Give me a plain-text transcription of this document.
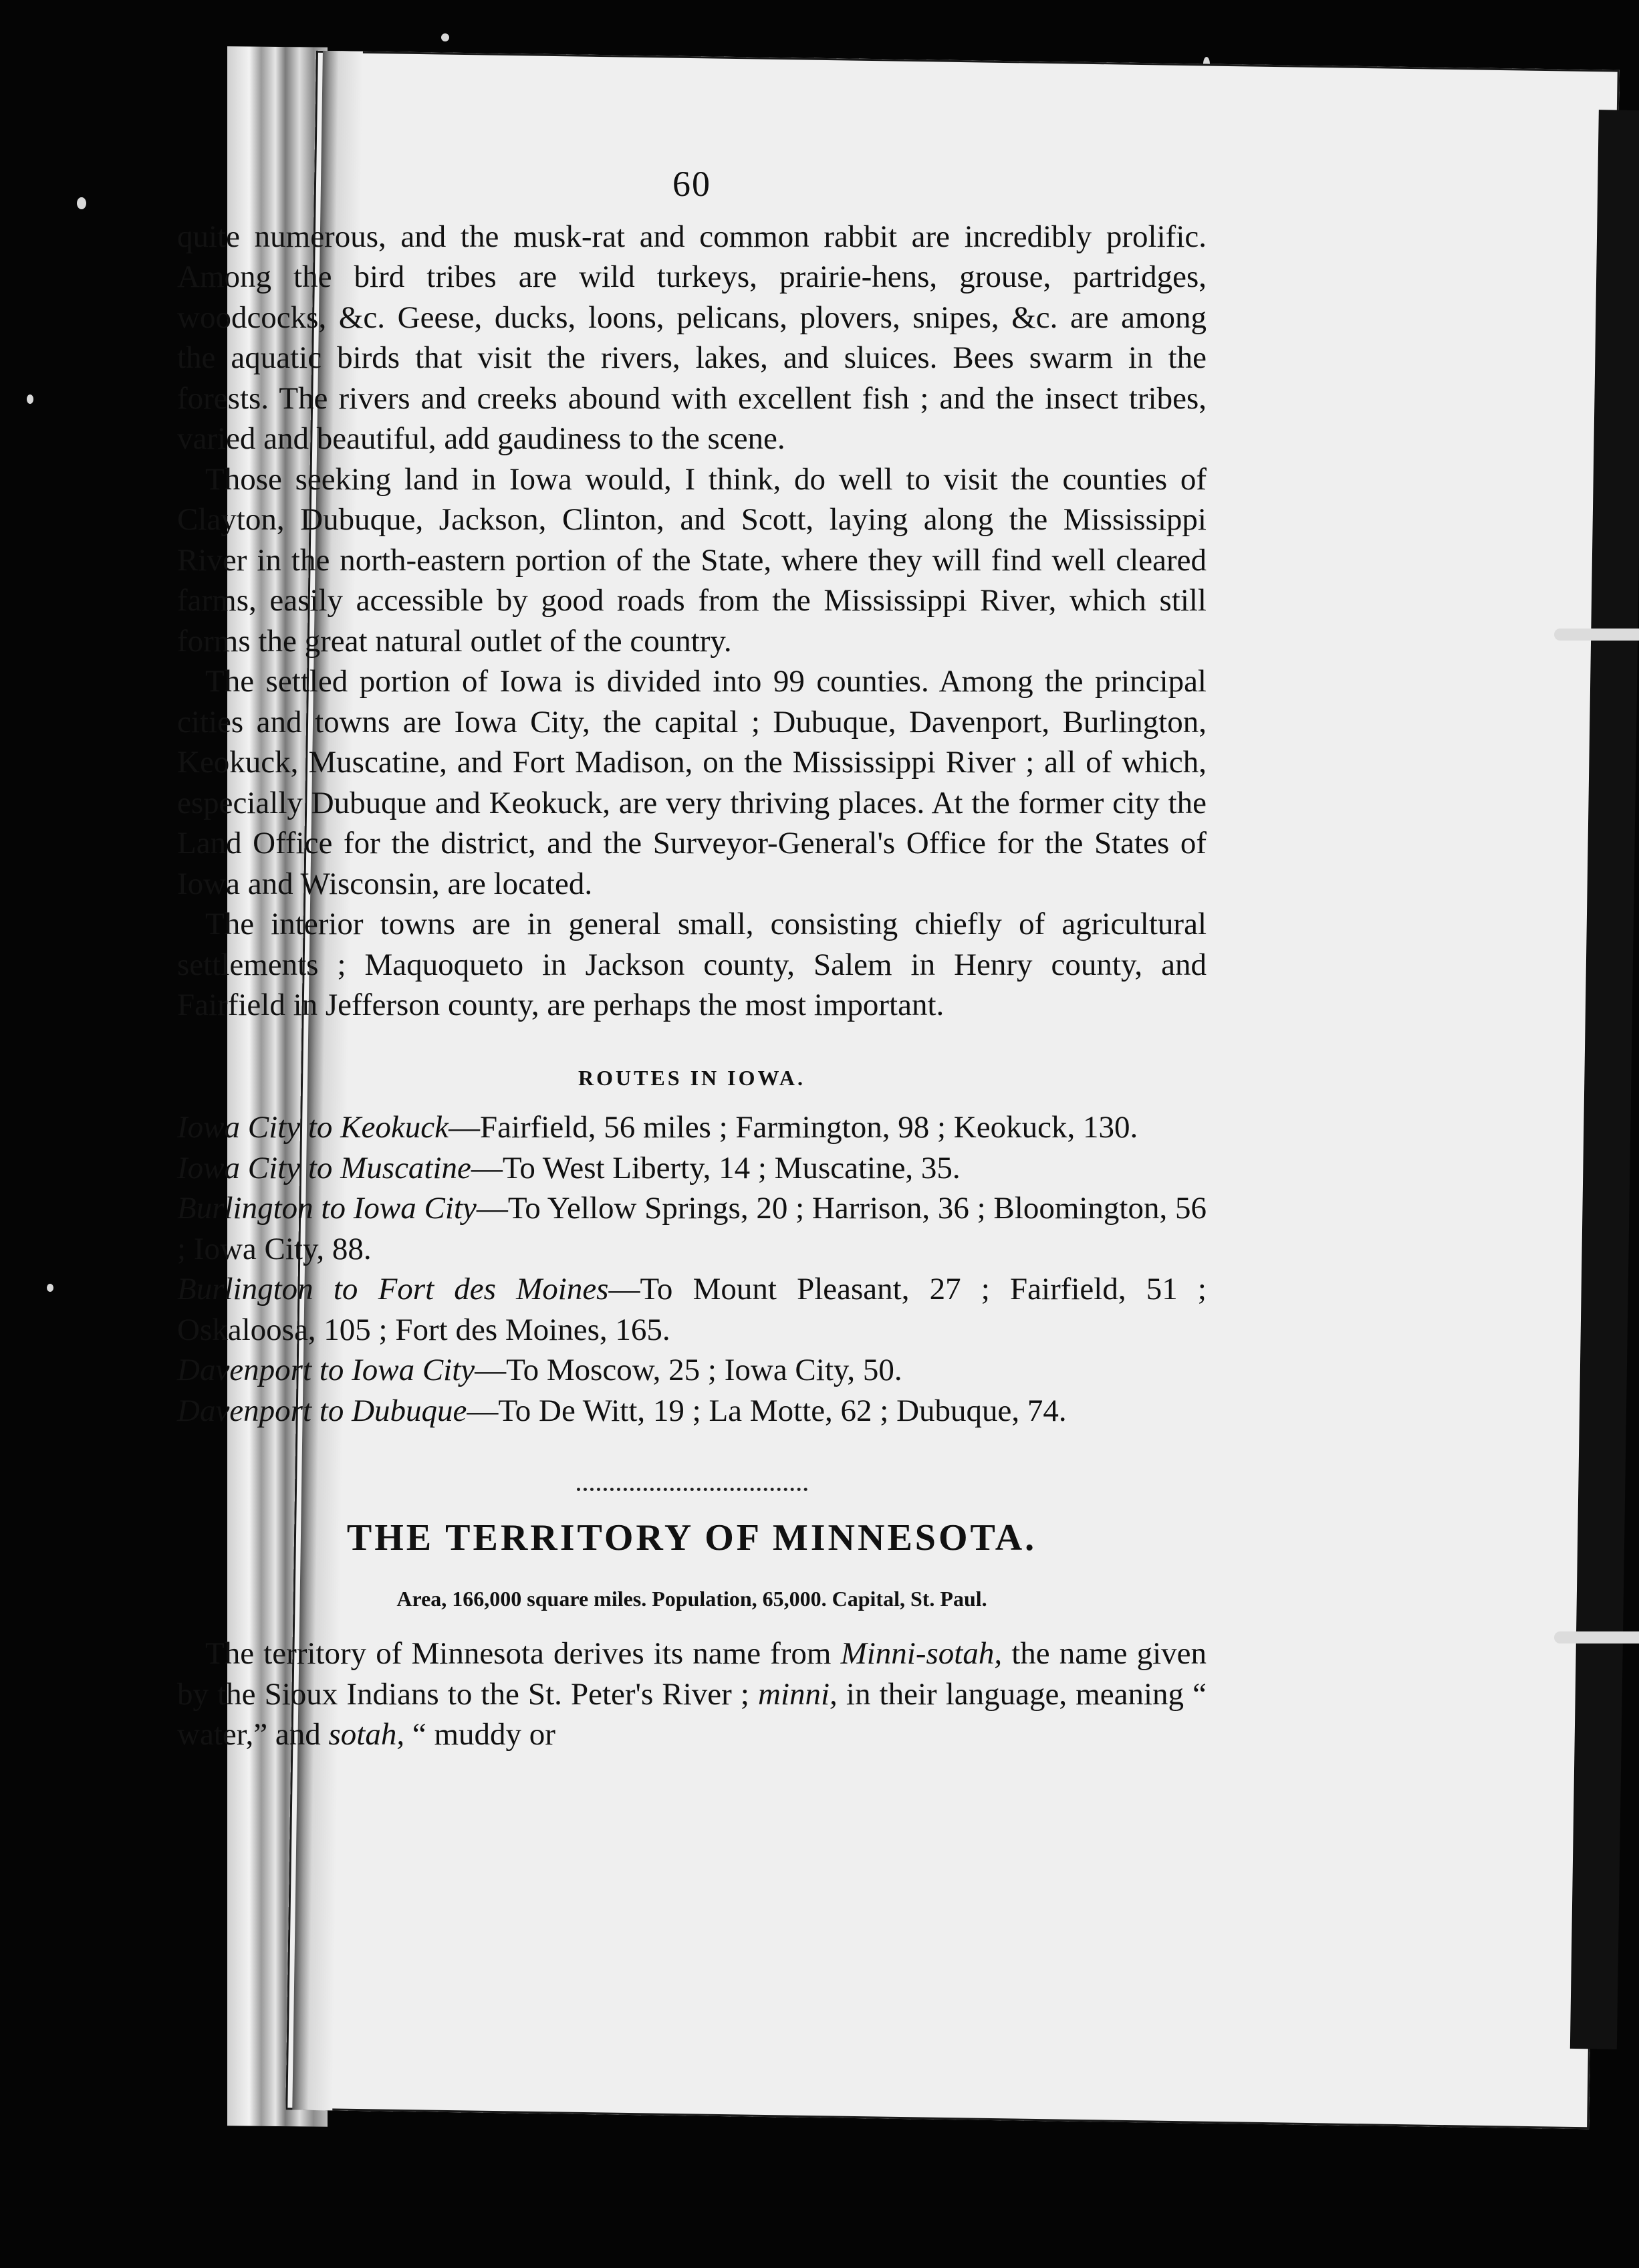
60

quite numerous, and the musk-rat and common rabbit are incredibly prolific. Among the bird tribes are wild turkeys, prairie-hens, grouse, partridges, woodcocks, &c. Geese, ducks, loons, pelicans, plovers, snipes, &c. are among the aquatic birds that visit the rivers, lakes, and sluices. Bees swarm in the forests. The rivers and creeks abound with excellent fish ; and the insect tribes, varied and beautiful, add gaudiness to the scene.

Those seeking land in Iowa would, I think, do well to visit the counties of Clayton, Dubuque, Jackson, Clinton, and Scott, laying along the Mississippi River in the north-eastern portion of the State, where they will find well cleared farms, easily accessible by good roads from the Mississippi River, which still forms the great natural outlet of the country.

The settled portion of Iowa is divided into 99 counties. Among the principal cities and towns are Iowa City, the capital ; Dubuque, Davenport, Burlington, Keokuck, Muscatine, and Fort Madison, on the Mississippi River ; all of which, especially Dubuque and Keokuck, are very thriving places. At the former city the Land Office for the district, and the Surveyor-General's Office for the States of Iowa and Wisconsin, are located.

The interior towns are in general small, consisting chiefly of agricultural settlements ; Maquoqueto in Jackson county, Salem in Henry county, and Fairfield in Jefferson county, are perhaps the most important.

ROUTES IN IOWA.

Iowa City to Keokuck—Fairfield, 56 miles ; Farmington, 98 ; Keokuck, 130.

Iowa City to Muscatine—To West Liberty, 14 ; Muscatine, 35.

Burlington to Iowa City—To Yellow Springs, 20 ; Harrison, 36 ; Bloomington, 56 ; Iowa City, 88.

Burlington to Fort des Moines—To Mount Pleasant, 27 ; Fairfield, 51 ; Oskaloosa, 105 ; Fort des Moines, 165.

Davenport to Iowa City—To Moscow, 25 ; Iowa City, 50.

Davenport to Dubuque—To De Witt, 19 ; La Motte, 62 ; Dubuque, 74.

THE TERRITORY OF MINNESOTA.
Area, 166,000 square miles. Population, 65,000. Capital, St. Paul.

The territory of Minnesota derives its name from Minni-sotah, the name given by the Sioux Indians to the St. Peter's River ; minni, in their language, meaning “ water,” and sotah, “ muddy or
